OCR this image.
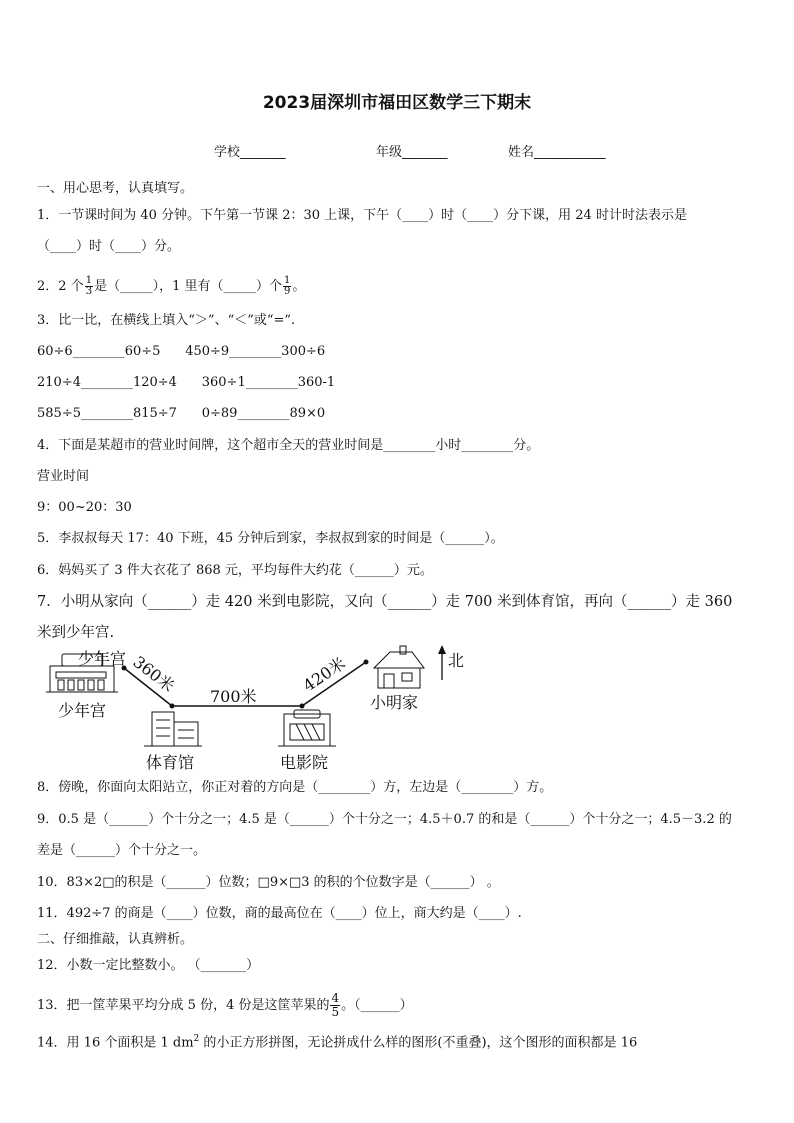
2023届深圳市福田区数学三下期末
学校_______	年级_______	姓名___________
一、用心思考，认真填写。
1．一节课时间为 40 分钟。下午第一节课 2：30 上课，下午（____）时（____）分下课，用 24 时计时法表示是
（____）时（____）分。
2．2 个 $\frac{1}{3}$ 是（_____），1 里有（_____）个 $\frac{1}{9}$ 。
3．比一比，在横线上填入“＞”、“＜”或“=”.
60÷6________60÷5      450÷9________300÷6
210÷4________120÷4      360÷1________360-1
585÷5________815÷7      0÷89________89×0
4．下面是某超市的营业时间牌，这个超市全天的营业时间是________小时________分。
营业时间
9：00~20：30
5．李叔叔每天 17：40 下班，45 分钟后到家，李叔叔到家的时间是（______）。
6．妈妈买了 3 件大衣花了 868 元，平均每件大约花（______）元。
7．小明从家向（______）走 420 米到电影院，又向（______）走 700 米到体育馆，再向（______）走 360
米到少年宫.
少年宫	北
360米
700米
420米
少年宫
体育馆	电影院
小明家
8．傍晚，你面向太阳站立，你正对着的方向是（________）方，左边是（________）方。
9．0.5 是（______）个十分之一；4.5 是（______）个十分之一；4.5＋0.7 的和是（______）个十分之一；4.5－3.2 的
差是（______）个十分之一。
10．83×2□的积是（______）位数；□9×□3 的积的个位数字是（______） 。
11．492÷7 的商是（____）位数，商的最高位在（____）位上，商大约是（____）.
二、仔细推敲，认真辨析。
12．小数一定比整数小。 （_______）
13．把一筐苹果平均分成 5 份，4 份是这筐苹果的 $\frac{4}{5}$ 。（______）
14．用 16 个面积是 1 $dm^2$ 的小正方形拼图，无论拼成什么样的图形(不重叠)，这个图形的面积都是 16
